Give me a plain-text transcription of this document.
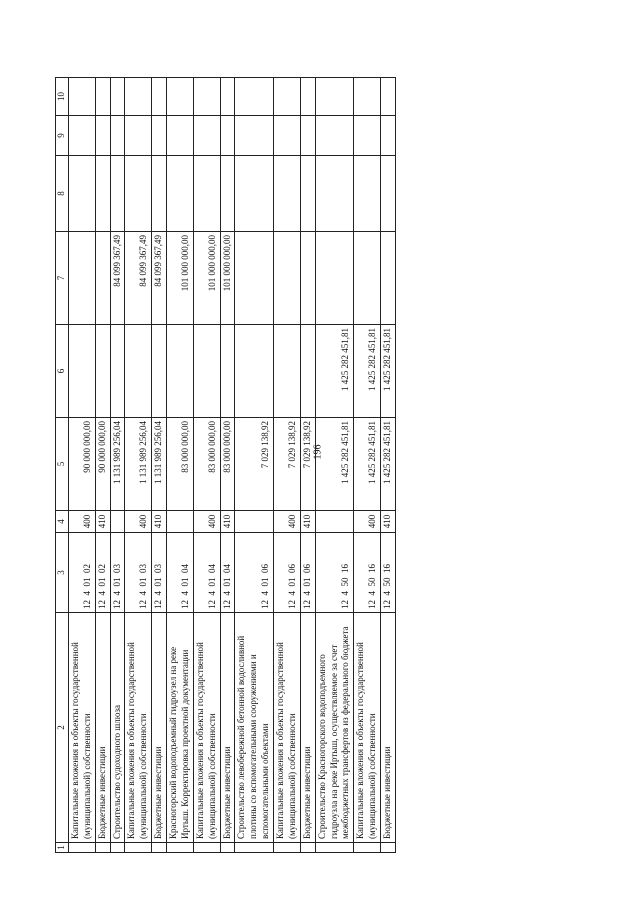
196
1	2	3	4	5	6	7	8	9	10
	Капитальные вложения в объекты государственной (муниципальной) собственности	12  4  01  02	400	90 000 000,00					
	Бюджетные инвестиции	12  4  01  02	410	90 000 000,00					
	Строительство судоходного шлюза	12  4  01  03		1 131 989 256,04		84 099 367,49			
	Капитальные вложения в объекты государственной (муниципальной) собственности	12  4  01  03	400	1 131 989 256,04		84 099 367,49			
	Бюджетные инвестиции	12  4  01  03	410	1 131 989 256,04		84 099 367,49			
	Красногорский водоподъемный гидроузел на реке Иртыш. Корректировка проектной документации	12  4  01  04		83 000 000,00		101 000 000,00			
	Капитальные вложения в объекты государственной (муниципальной) собственности	12  4  01  04	400	83 000 000,00		101 000 000,00			
	Бюджетные инвестиции	12  4  01  04	410	83 000 000,00		101 000 000,00			
	Строительство левобережной бетонной водосливной плотины со вспомогательными сооружениями и вспомогательными объектами	12  4  01  06		7 029 138,92					
	Капитальные вложения в объекты государственной (муниципальной) собственности	12  4  01  06	400	7 029 138,92					
	Бюджетные инвестиции	12  4  01  06	410	7 029 138,92					
	Строительство Красногорского водоподъемного гидроузла на реке Иртыш, осуществляемое за счет межбюджетных трансфертов из федерального бюджета	12  4  50  16		1 425 282 451,81	1 425 282 451,81				
	Капитальные вложения в объекты государственной (муниципальной) собственности	12  4  50  16	400	1 425 282 451,81	1 425 282 451,81				
	Бюджетные инвестиции	12  4  50  16	410	1 425 282 451,81	1 425 282 451,81				
